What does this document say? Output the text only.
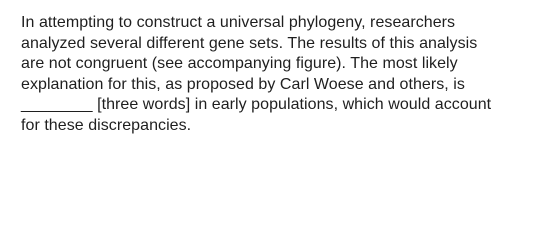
In attempting to construct a universal phylogeny, researchers
analyzed several different gene sets. The results of this analysis
are not congruent (see accompanying figure). The most likely
explanation for this, as proposed by Carl Woese and others, is
________ [three words] in early populations, which would account
for these discrepancies.
